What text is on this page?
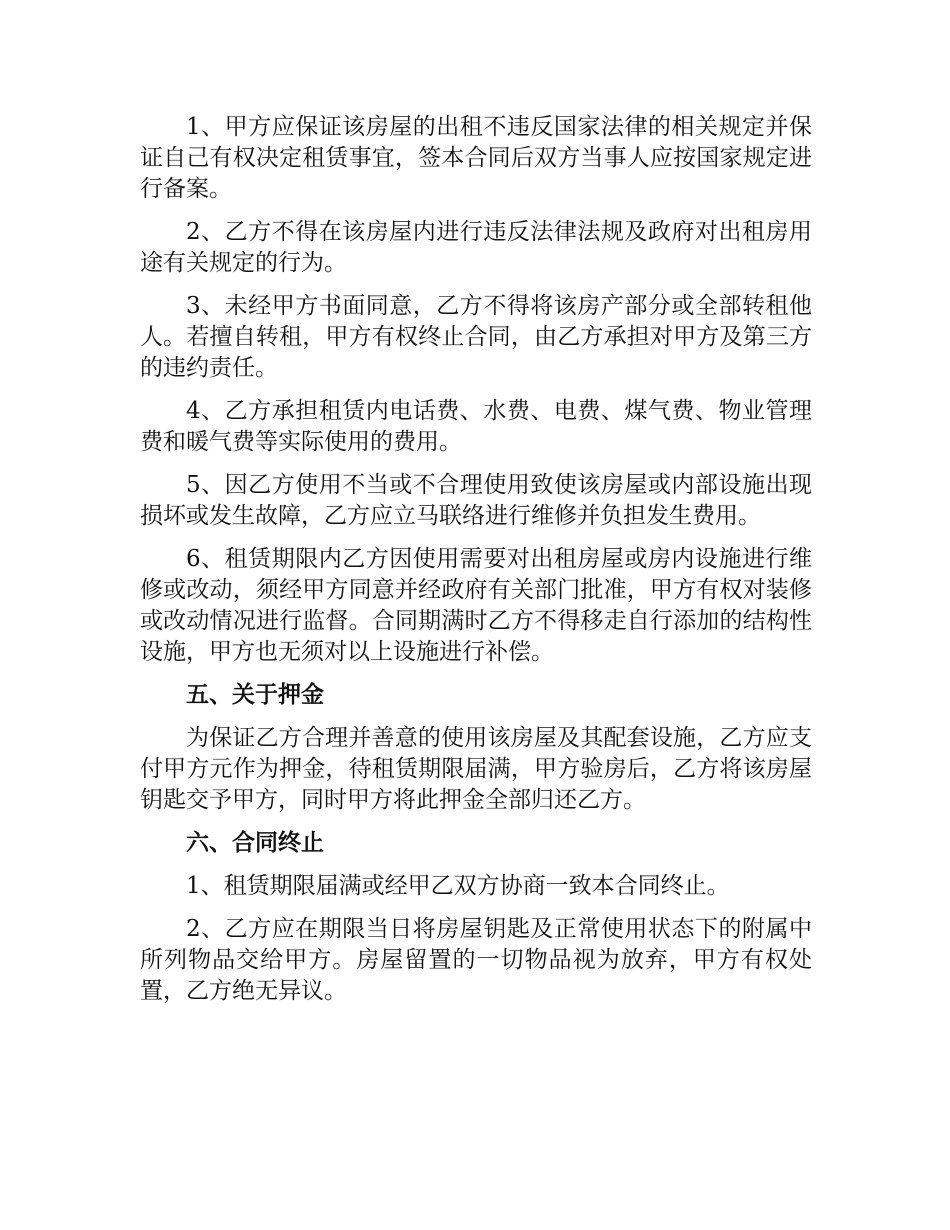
1、甲方应保证该房屋的出租不违反国家法律的相关规定并保证自己有权决定租赁事宜，签本合同后双方当事人应按国家规定进行备案。

2、乙方不得在该房屋内进行违反法律法规及政府对出租房用途有关规定的行为。

3、未经甲方书面同意，乙方不得将该房产部分或全部转租他人。若擅自转租，甲方有权终止合同，由乙方承担对甲方及第三方的违约责任。

4、乙方承担租赁内电话费、水费、电费、煤气费、物业管理费和暖气费等实际使用的费用。

5、因乙方使用不当或不合理使用致使该房屋或内部设施出现损坏或发生故障，乙方应立马联络进行维修并负担发生费用。

6、租赁期限内乙方因使用需要对出租房屋或房内设施进行维修或改动，须经甲方同意并经政府有关部门批准，甲方有权对装修或改动情况进行监督。合同期满时乙方不得移走自行添加的结构性设施，甲方也无须对以上设施进行补偿。

五、关于押金

为保证乙方合理并善意的使用该房屋及其配套设施，乙方应支付甲方元作为押金，待租赁期限届满，甲方验房后，乙方将该房屋钥匙交予甲方，同时甲方将此押金全部归还乙方。

六、合同终止

1、租赁期限届满或经甲乙双方协商一致本合同终止。

2、乙方应在期限当日将房屋钥匙及正常使用状态下的附属中所列物品交给甲方。房屋留置的一切物品视为放弃，甲方有权处置，乙方绝无异议。
